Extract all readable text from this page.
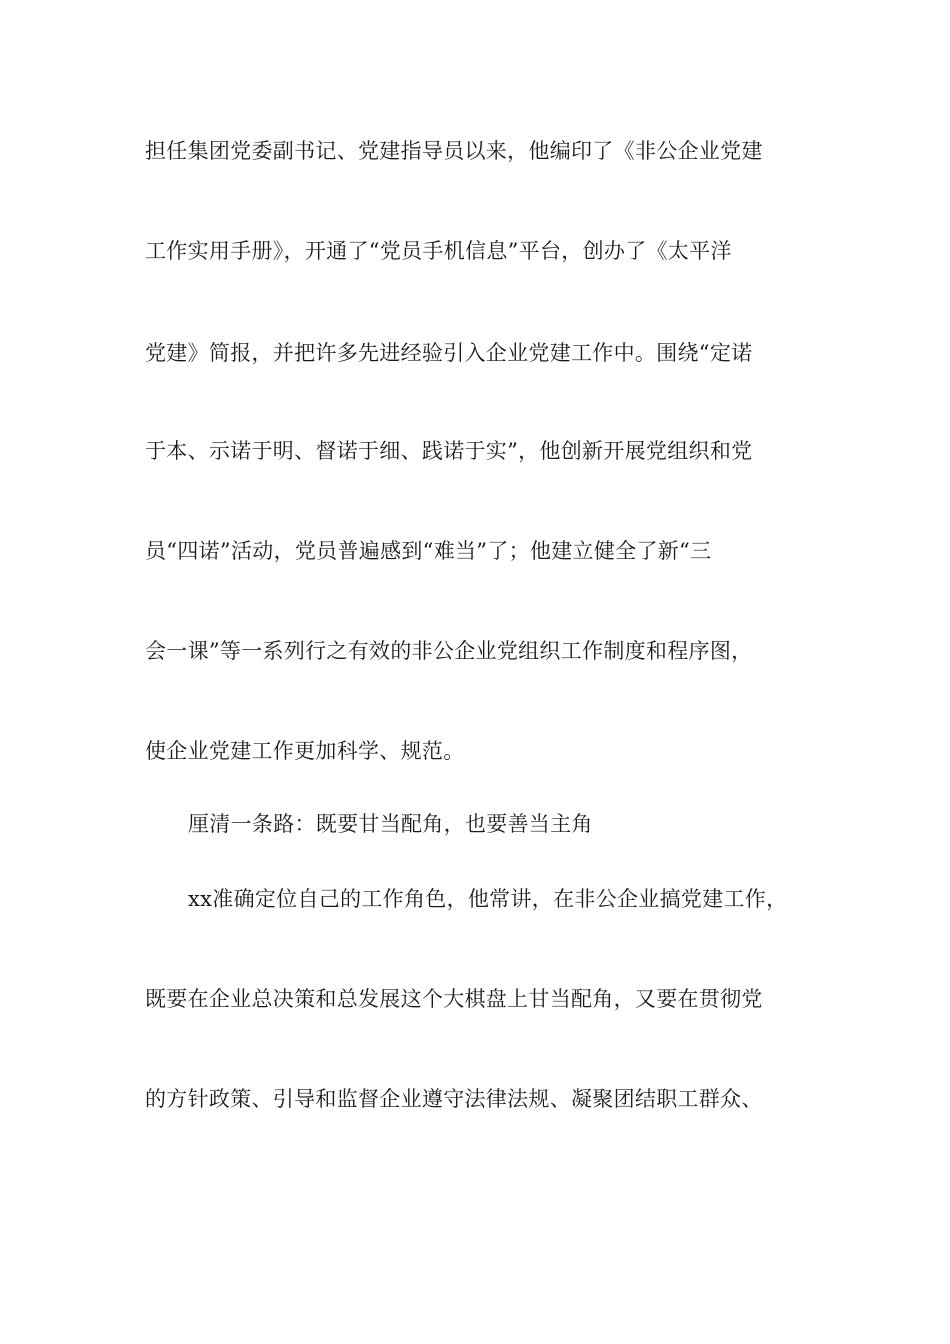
担任集团党委副书记、党建指导员以来，他编印了《非公企业党建
工作实用手册》，开通了“党员手机信息”平台，创办了《太平洋
党建》简报，并把许多先进经验引入企业党建工作中。围绕“定诺
于本、示诺于明、督诺于细、践诺于实”，他创新开展党组织和党
员“四诺”活动，党员普遍感到“难当”了；他建立健全了新“三
会一课”等一系列行之有效的非公企业党组织工作制度和程序图，
使企业党建工作更加科学、规范。
厘清一条路：既要甘当配角，也要善当主角
xx准确定位自己的工作角色，他常讲，在非公企业搞党建工作，
既要在企业总决策和总发展这个大棋盘上甘当配角，又要在贯彻党
的方针政策、引导和监督企业遵守法律法规、凝聚团结职工群众、
